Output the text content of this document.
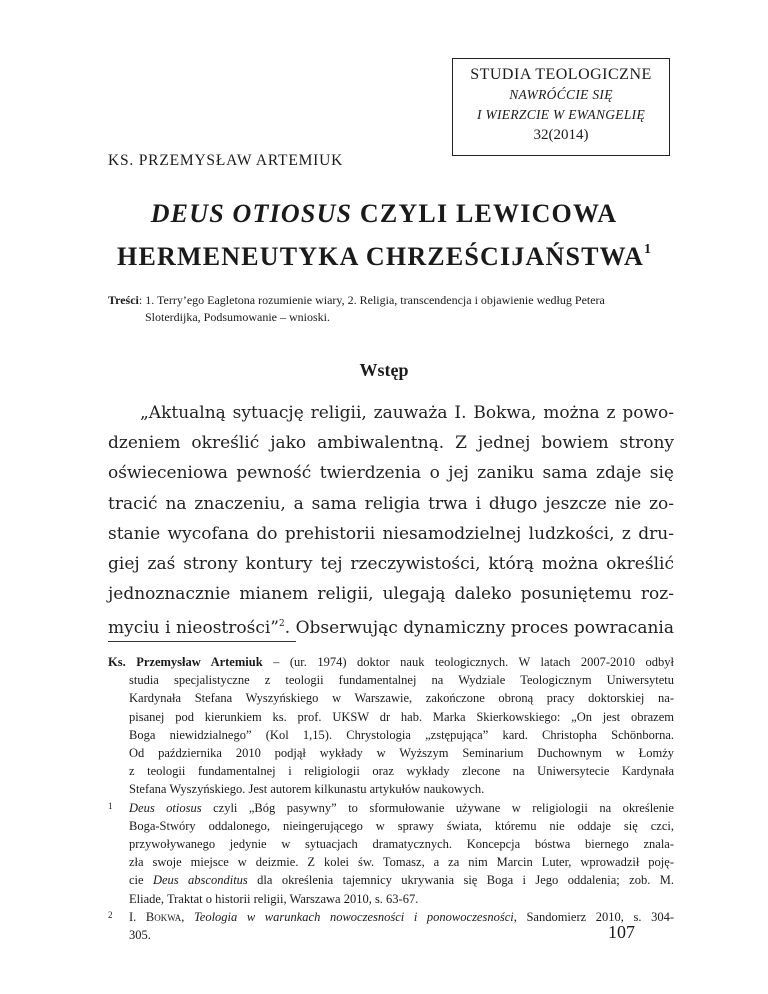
STUDIA TEOLOGICZNE
NAWRÓĆCIE SIĘ
I WIERZCIE W EWANGELIĘ
32(2014)
KS. PRZEMYSŁAW ARTEMIUK
DEUS OTIOSUS CZYLI LEWICOWA
HERMENEUTYKA CHRZEŚCIJAŃSTWA$^1$
Treści: 1. Terry’ego Eagletona rozumienie wiary, 2. Religia, transcendencja i objawienie według Petera
Sloterdijka, Podsumowanie – wnioski.
Wstęp
„Aktualną sytuację religii, zauważa I. Bokwa, można z powo-
dzeniem określić jako ambiwalentną. Z jednej bowiem strony
oświeceniowa pewność twierdzenia o jej zaniku sama zdaje się
tracić na znaczeniu, a sama religia trwa i długo jeszcze nie zo-
stanie wycofana do prehistorii niesamodzielnej ludzkości, z dru-
giej zaś strony kontury tej rzeczywistości, którą można określić
jednoznacznie mianem religii, ulegają daleko posuniętemu roz-
myciu i nieostrości”$^2$. Obserwując dynamiczny proces powracania
Ks. Przemysław Artemiuk – (ur. 1974) doktor nauk teologicznych. W latach 2007-2010 odbył
studia specjalistyczne z teologii fundamentalnej na Wydziale Teologicznym Uniwersytetu
Kardynała Stefana Wyszyńskiego w Warszawie, zakończone obroną pracy doktorskiej na-
pisanej pod kierunkiem ks. prof. UKSW dr hab. Marka Skierkowskiego: „On jest obrazem
Boga niewidzialnego” (Kol 1,15). Chrystologia „zstępująca” kard. Christopha Schönborna.
Od października 2010 podjął wykłady w Wyższym Seminarium Duchownym w Łomży
z teologii fundamentalnej i religiologii oraz wykłady zlecone na Uniwersytecie Kardynała
Stefana Wyszyńskiego. Jest autorem kilkunastu artykułów naukowych.
1	Deus otiosus czyli „Bóg pasywny” to sformułowanie używane w religiologii na określenie
Boga-Stwóry oddalonego, nieingerującego w sprawy świata, któremu nie oddaje się czci,
przywoływanego jedynie w sytuacjach dramatycznych. Koncepcja bóstwa biernego znala-
zła swoje miejsce w deizmie. Z kolei św. Tomasz, a za nim Marcin Luter, wprowadził poję-
cie Deus absconditus dla określenia tajemnicy ukrywania się Boga i Jego oddalenia; zob. M.
Eliade, Traktat o historii religii, Warszawa 2010, s. 63-67.
2	I. Bokwa, Teologia w warunkach nowoczesności i ponowoczesności, Sandomierz 2010, s. 304-
305.	107
